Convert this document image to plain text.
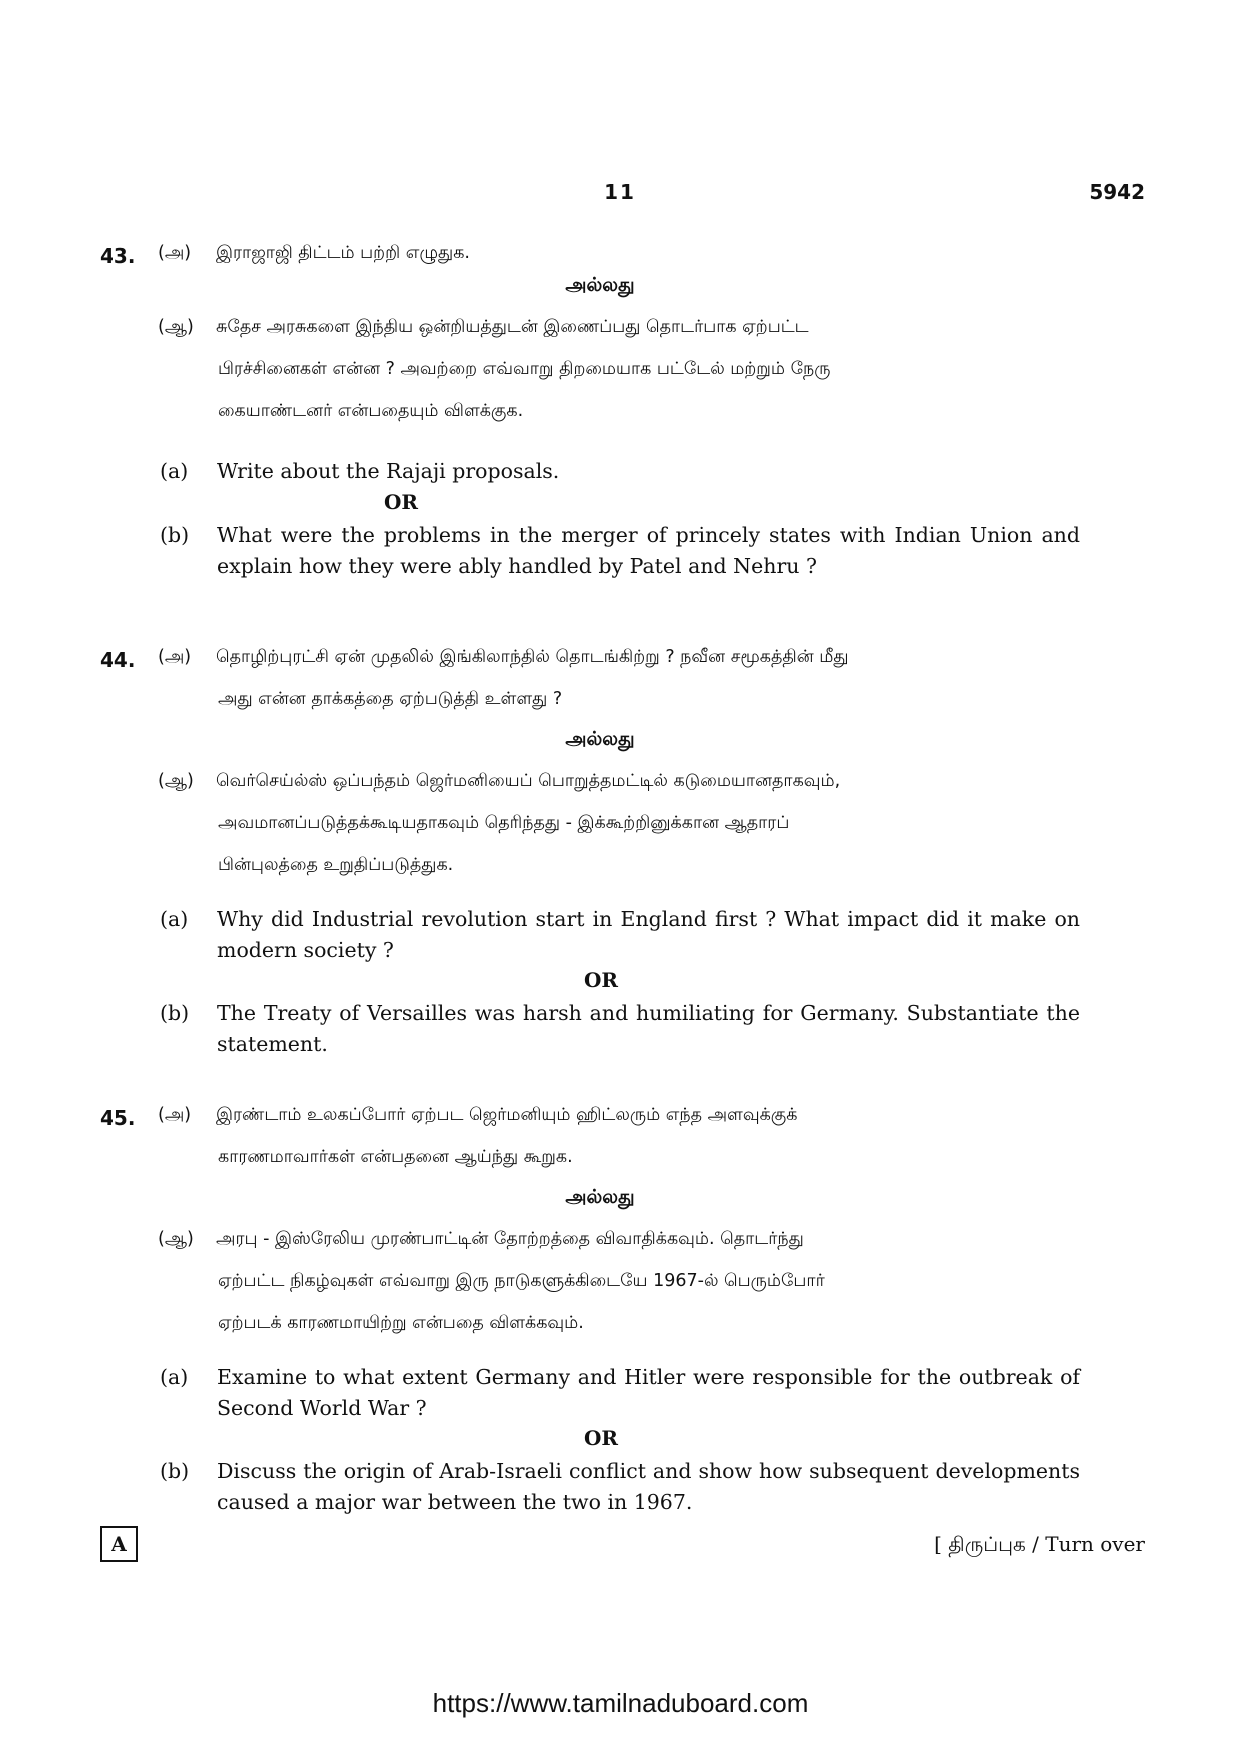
11	5942
43. (அ) இராஜாஜி திட்டம் பற்றி எழுதுக.
அல்லது
(ஆ) சுதேச அரசுகளை இந்திய ஒன்றியத்துடன் இணைப்பது தொடர்பாக ஏற்பட்ட
பிரச்சினைகள் என்ன ? அவற்றை எவ்வாறு திறமையாக பட்டேல் மற்றும் நேரு
கையாண்டனர் என்பதையும் விளக்குக.
(a) Write about the Rajaji proposals.
OR
(b) What were the problems in the merger of princely states with Indian Union and explain how they were ably handled by Patel and Nehru ?
44. (அ) தொழிற்புரட்சி ஏன் முதலில் இங்கிலாந்தில் தொடங்கிற்று ? நவீன சமூகத்தின் மீது
அது என்ன தாக்கத்தை ஏற்படுத்தி உள்ளது ?
அல்லது
(ஆ) வெர்செய்ல்ஸ் ஒப்பந்தம் ஜெர்மனியைப் பொறுத்தமட்டில் கடுமையானதாகவும்,
அவமானப்படுத்தக்கூடியதாகவும் தெரிந்தது - இக்கூற்றினுக்கான ஆதாரப்
பின்புலத்தை உறுதிப்படுத்துக.
(a) Why did Industrial revolution start in England first ? What impact did it make on modern society ?
OR
(b) The Treaty of Versailles was harsh and humiliating for Germany. Substantiate the statement.
45. (அ) இரண்டாம் உலகப்போர் ஏற்பட ஜெர்மனியும் ஹிட்லரும் எந்த அளவுக்குக்
காரணமாவார்கள் என்பதனை ஆய்ந்து கூறுக.
அல்லது
(ஆ) அரபு - இஸ்ரேலிய முரண்பாட்டின் தோற்றத்தை விவாதிக்கவும். தொடர்ந்து
ஏற்பட்ட நிகழ்வுகள் எவ்வாறு இரு நாடுகளுக்கிடையே 1967-ல் பெரும்போர்
ஏற்படக் காரணமாயிற்று என்பதை விளக்கவும்.
(a) Examine to what extent Germany and Hitler were responsible for the outbreak of Second World War ?
OR
(b) Discuss the origin of Arab-Israeli conflict and show how subsequent developments caused a major war between the two in 1967.
A	[ திருப்புக / Turn over
https://www.tamilnaduboard.com
